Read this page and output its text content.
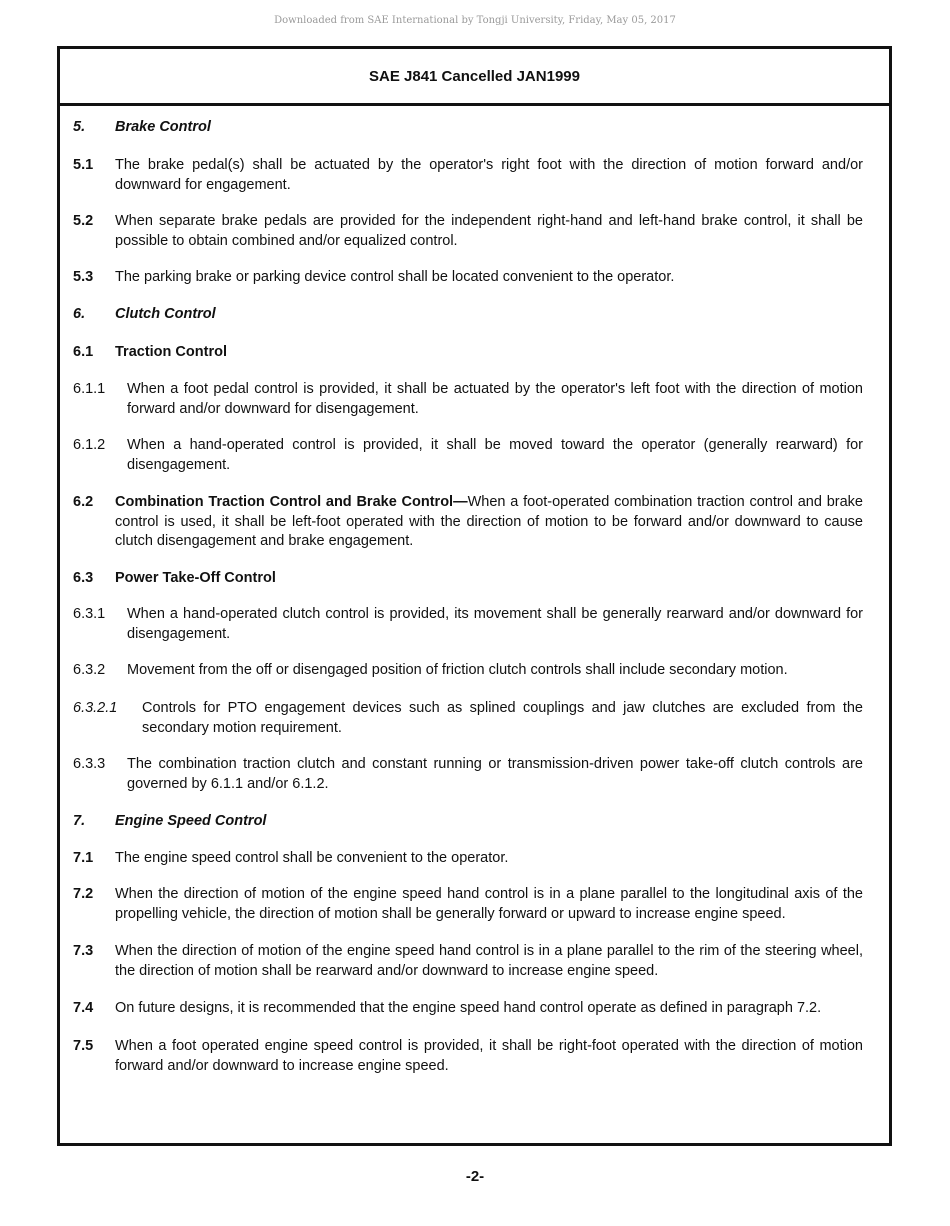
Downloaded from SAE International by Tongji University, Friday, May 05, 2017
SAE J841 Cancelled JAN1999
5. Brake Control
5.1 The brake pedal(s) shall be actuated by the operator's right foot with the direction of motion forward and/or downward for engagement.
5.2 When separate brake pedals are provided for the independent right-hand and left-hand brake control, it shall be possible to obtain combined and/or equalized control.
5.3 The parking brake or parking device control shall be located convenient to the operator.
6. Clutch Control
6.1 Traction Control
6.1.1 When a foot pedal control is provided, it shall be actuated by the operator's left foot with the direction of motion forward and/or downward for disengagement.
6.1.2 When a hand-operated control is provided, it shall be moved toward the operator (generally rearward) for disengagement.
6.2 Combination Traction Control and Brake Control—When a foot-operated combination traction control and brake control is used, it shall be left-foot operated with the direction of motion to be forward and/or downward to cause clutch disengagement and brake engagement.
6.3 Power Take-Off Control
6.3.1 When a hand-operated clutch control is provided, its movement shall be generally rearward and/or downward for disengagement.
6.3.2 Movement from the off or disengaged position of friction clutch controls shall include secondary motion.
6.3.2.1 Controls for PTO engagement devices such as splined couplings and jaw clutches are excluded from the secondary motion requirement.
6.3.3 The combination traction clutch and constant running or transmission-driven power take-off clutch controls are governed by 6.1.1 and/or 6.1.2.
7. Engine Speed Control
7.1 The engine speed control shall be convenient to the operator.
7.2 When the direction of motion of the engine speed hand control is in a plane parallel to the longitudinal axis of the propelling vehicle, the direction of motion shall be generally forward or upward to increase engine speed.
7.3 When the direction of motion of the engine speed hand control is in a plane parallel to the rim of the steering wheel, the direction of motion shall be rearward and/or downward to increase engine speed.
7.4 On future designs, it is recommended that the engine speed hand control operate as defined in paragraph 7.2.
7.5 When a foot operated engine speed control is provided, it shall be right-foot operated with the direction of motion forward and/or downward to increase engine speed.
-2-
